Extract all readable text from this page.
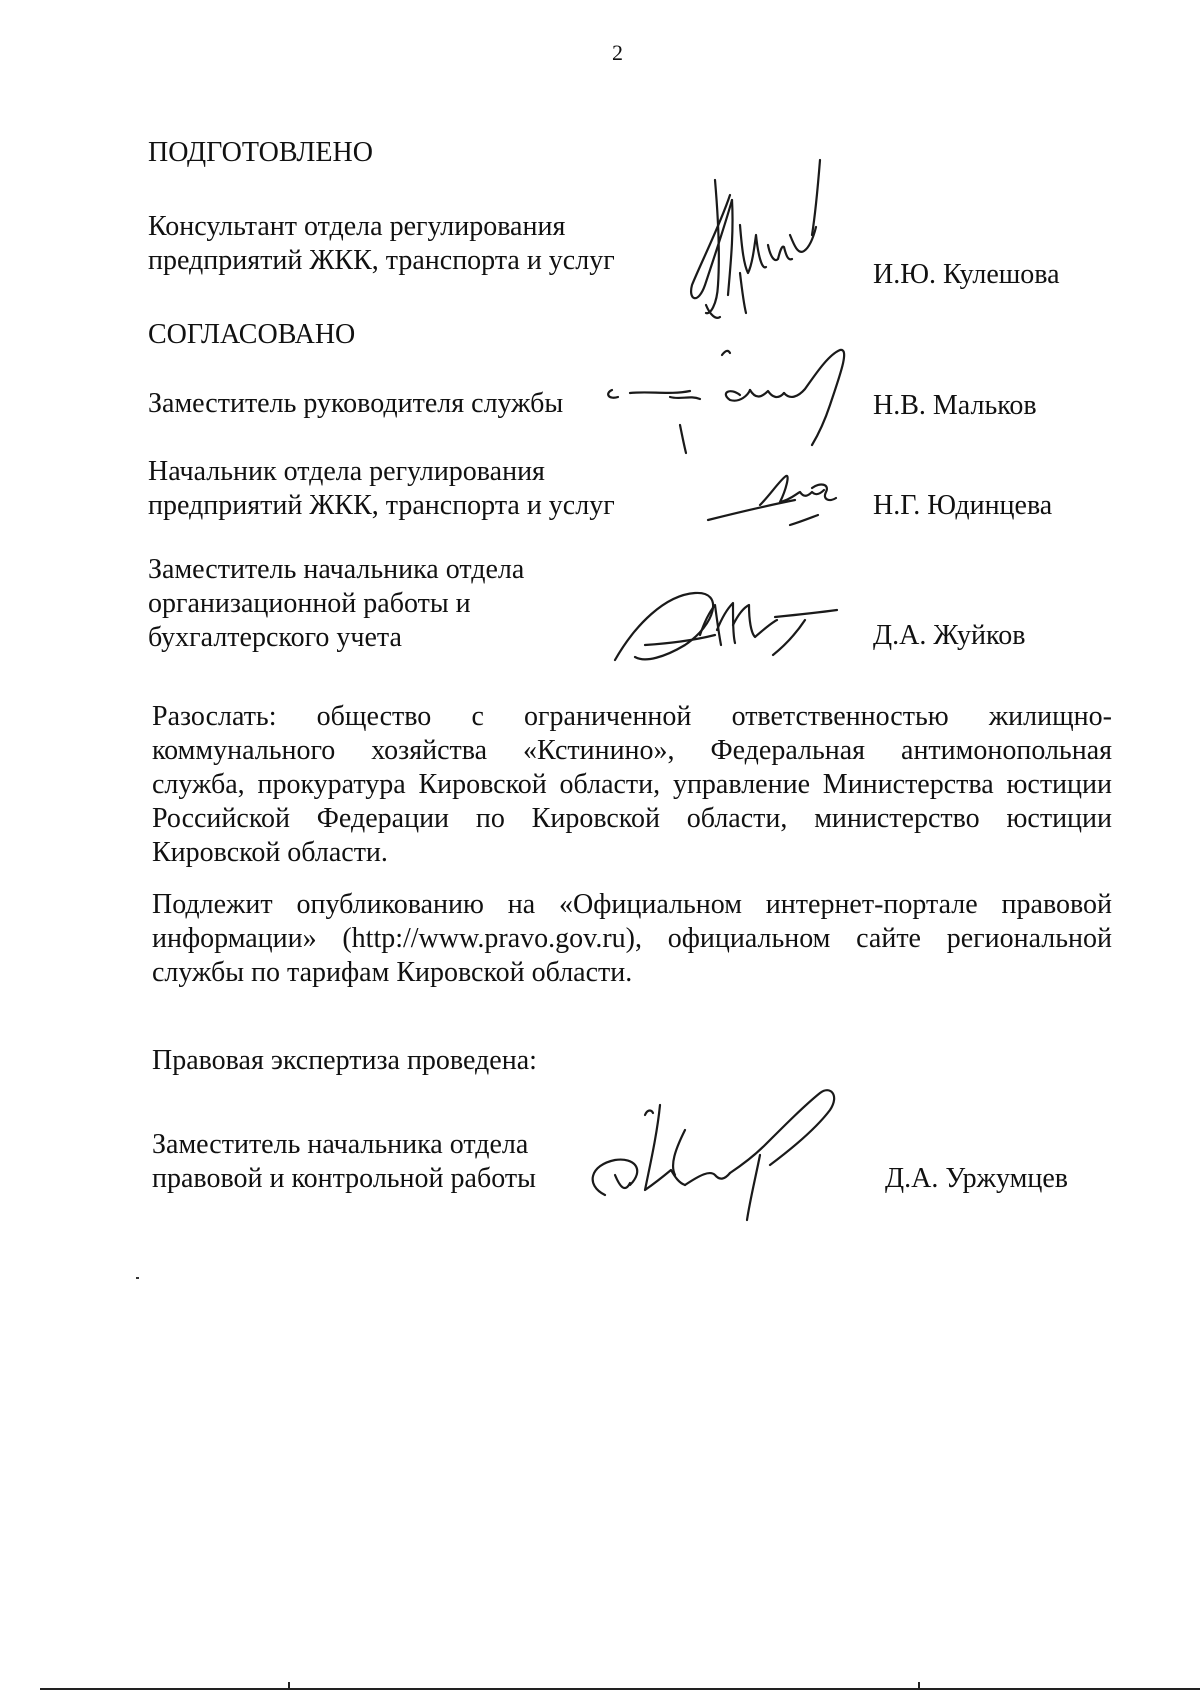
2
ПОДГОТОВЛЕНО
Консультант отдела регулирования
предприятий ЖКК, транспорта и услуг	И.Ю. Кулешова
СОГЛАСОВАНО
Заместитель руководителя службы	Н.В. Мальков
Начальник отдела регулирования
предприятий ЖКК, транспорта и услуг	Н.Г. Юдинцева
Заместитель начальника отдела
организационной работы и
бухгалтерского учета	Д.А. Жуйков
Разослать: общество с ограниченной ответственностью жилищно-
коммунального хозяйства «Кстинино», Федеральная антимонопольная
служба, прокуратура Кировской области, управление Министерства юстиции
Российской Федерации по Кировской области, министерство юстиции
Кировской области.
Подлежит опубликованию на «Официальном интернет-портале правовой
информации» (http://www.pravo.gov.ru), официальном сайте региональной
службы по тарифам Кировской области.
Правовая экспертиза проведена:
Заместитель начальника отдела
правовой и контрольной работы	Д.А. Уржумцев
